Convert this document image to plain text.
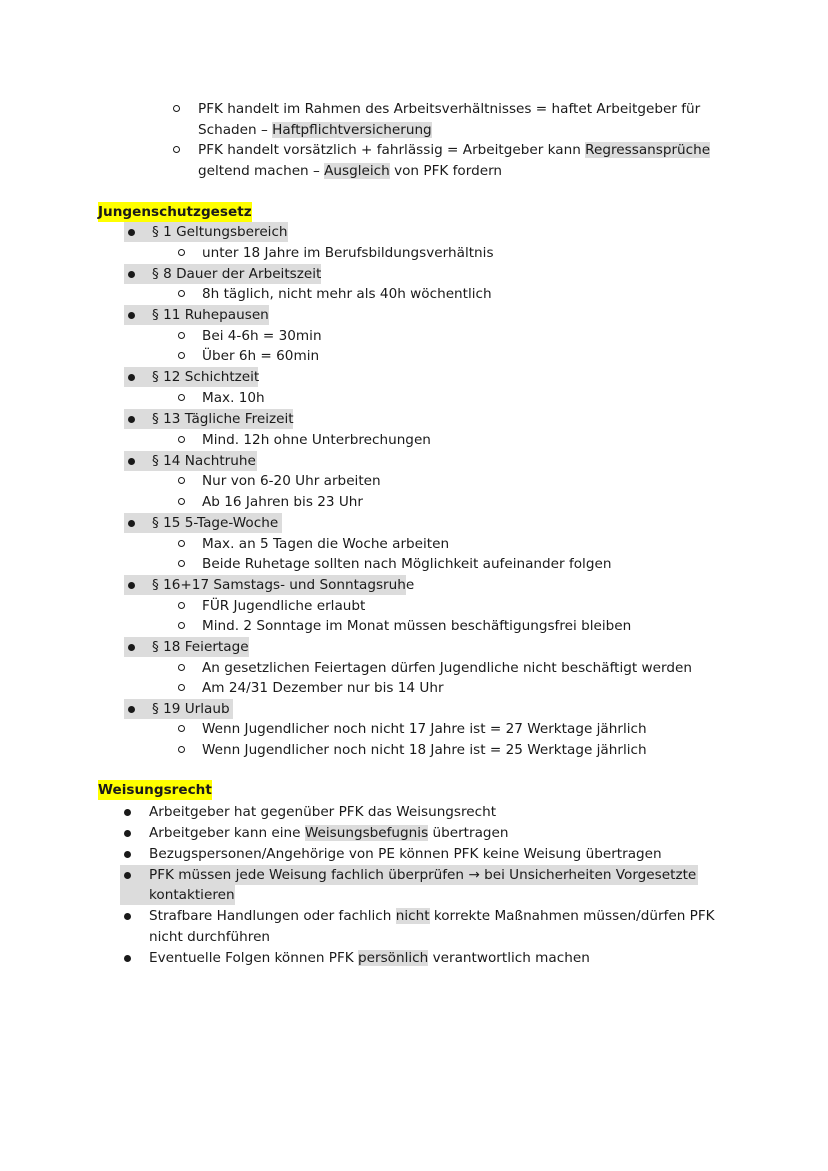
PFK handelt im Rahmen des Arbeitsverhältnisses = haftet Arbeitgeber für
Schaden – Haftpflichtversicherung
PFK handelt vorsätzlich + fahrlässig = Arbeitgeber kann Regressansprüche
geltend machen – Ausgleich von PFK fordern
Jungenschutzgesetz
§ 1 Geltungsbereich
unter 18 Jahre im Berufsbildungsverhältnis
§ 8 Dauer der Arbeitszeit
8h täglich, nicht mehr als 40h wöchentlich
§ 11 Ruhepausen
Bei 4-6h = 30min
Über 6h = 60min
§ 12 Schichtzeit
Max. 10h
§ 13 Tägliche Freizeit
Mind. 12h ohne Unterbrechungen
§ 14 Nachtruhe
Nur von 6-20 Uhr arbeiten
Ab 16 Jahren bis 23 Uhr
§ 15 5-Tage-Woche
Max. an 5 Tagen die Woche arbeiten
Beide Ruhetage sollten nach Möglichkeit aufeinander folgen
§ 16+17 Samstags- und Sonntagsruhe
FÜR Jugendliche erlaubt
Mind. 2 Sonntage im Monat müssen beschäftigungsfrei bleiben
§ 18 Feiertage
An gesetzlichen Feiertagen dürfen Jugendliche nicht beschäftigt werden
Am 24/31 Dezember nur bis 14 Uhr
§ 19 Urlaub
Wenn Jugendlicher noch nicht 17 Jahre ist = 27 Werktage jährlich
Wenn Jugendlicher noch nicht 18 Jahre ist = 25 Werktage jährlich
Weisungsrecht
Arbeitgeber hat gegenüber PFK das Weisungsrecht
Arbeitgeber kann eine Weisungsbefugnis übertragen
Bezugspersonen/Angehörige von PE können PFK keine Weisung übertragen
PFK müssen jede Weisung fachlich überprüfen → bei Unsicherheiten Vorgesetzte
kontaktieren
Strafbare Handlungen oder fachlich nicht korrekte Maßnahmen müssen/dürfen PFK
nicht durchführen
Eventuelle Folgen können PFK persönlich verantwortlich machen
